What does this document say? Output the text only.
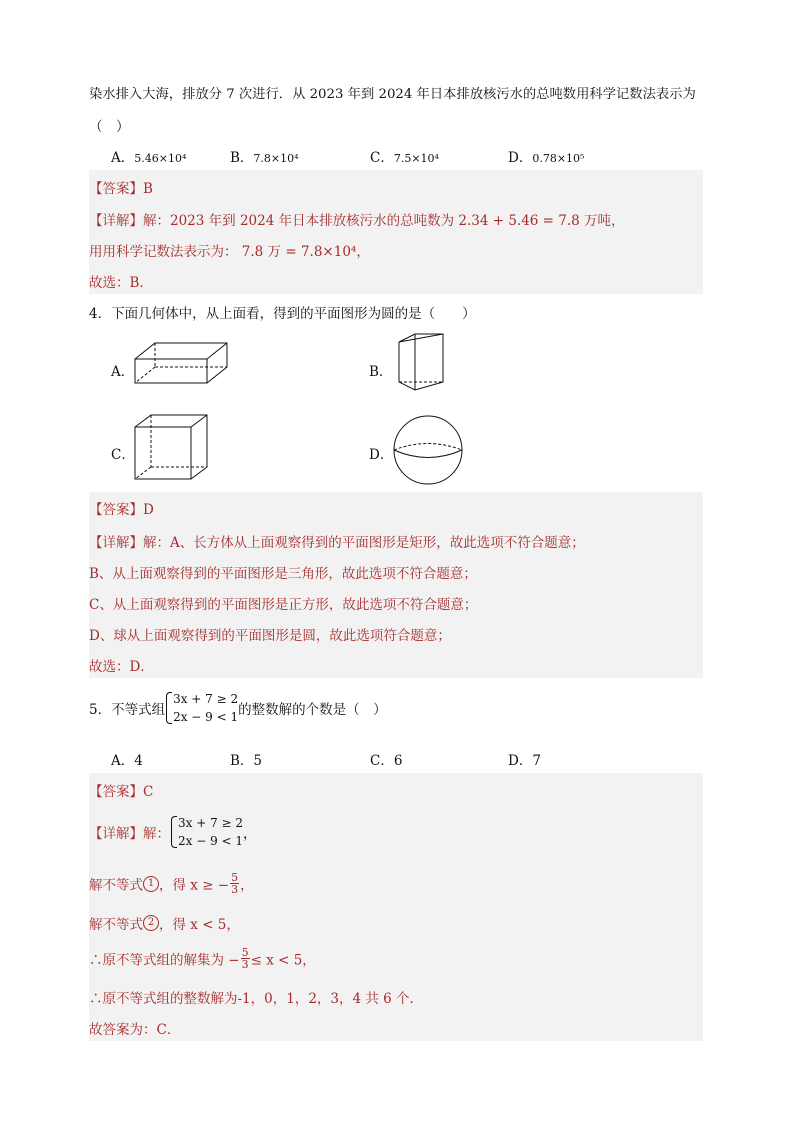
染水排入大海，排放分 7 次进行．从 2023 年到 2024 年日本排放核污水的总吨数用科学记数法表示为
（　）
A．5.46×10⁴	B．7.8×10⁴	C．7.5×10⁴	D．0.78×10⁵
【答案】B
【详解】解：2023 年到 2024 年日本排放核污水的总吨数为 2.34 + 5.46 = 7.8 万吨，
用用科学记数法表示为： 7.8 万 = 7.8×10⁴，
故选：B．
4．下面几何体中，从上面看，得到的平面图形为圆的是（　　）
A．	B．
C．	D．
【答案】D
【详解】解：A、长方体从上面观察得到的平面图形是矩形，故此选项不符合题意；
B、从上面观察得到的平面图形是三角形，故此选项不符合题意；
C、从上面观察得到的平面图形是正方形，故此选项不符合题意；
D、球从上面观察得到的平面图形是圆，故此选项符合题意；
故选：D．
5．不等式组
3x + 7 ≥ 2
2x − 9 < 1 的整数解的个数是（　）
A．4	B．5	C．6	D．7
【答案】C
【详解】解：
3x + 7 ≥ 2
2x − 9 < 1 ，
解不等式 1 ，得 x ≥ − $\frac{5}{3}$ ，
解不等式 2 ，得 x < 5，
∴原不等式组的解集为 − $\frac{5}{3} \le x < 5$，
∴原不等式组的整数解为-1，0，1，2，3，4 共 6 个．
故答案为：C．
